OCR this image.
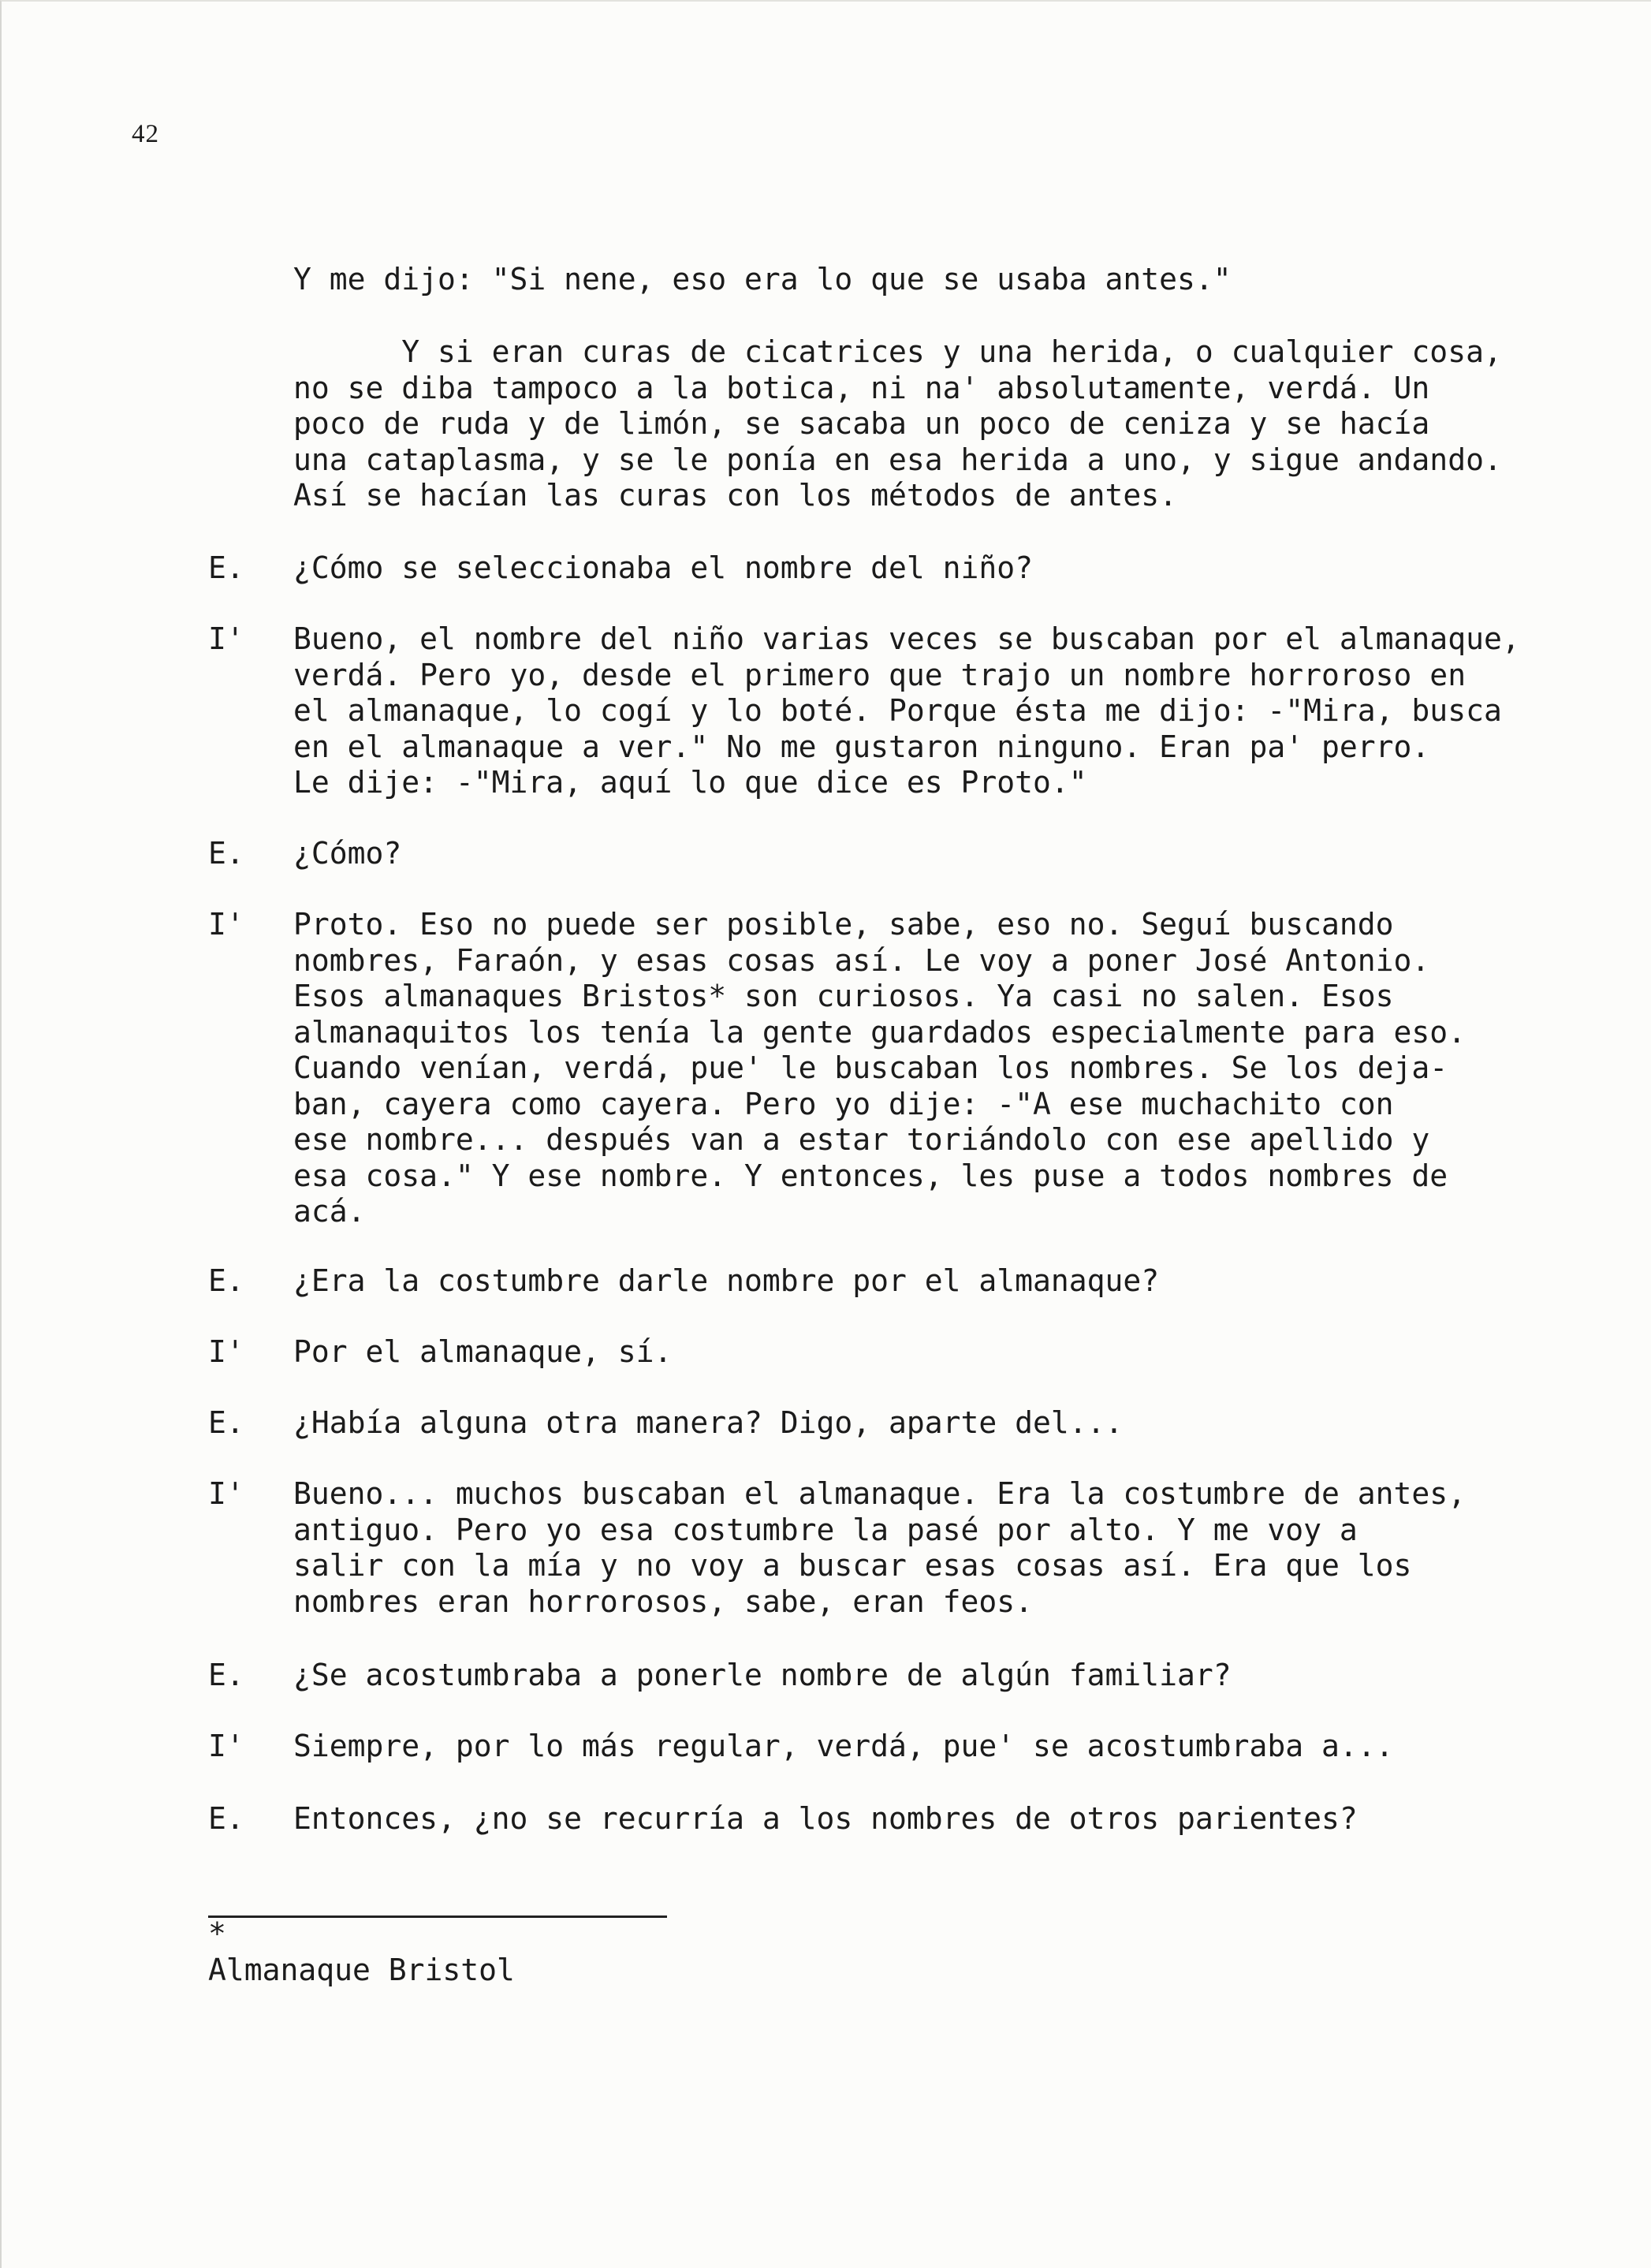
42

Y me dijo: "Si nene, eso era lo que se usaba antes."

Y si eran curas de cicatrices y una herida, o cualquier cosa,
no se diba tampoco a la botica, ni na' absolutamente, verdá. Un
poco de ruda y de limón, se sacaba un poco de ceniza y se hacía
una cataplasma, y se le ponía en esa herida a uno, y sigue andando.
Así se hacían las curas con los métodos de antes.

E. ¿Cómo se seleccionaba el nombre del niño?

I' Bueno, el nombre del niño varias veces se buscaban por el almanaque,
verdá. Pero yo, desde el primero que trajo un nombre horroroso en
el almanaque, lo cogí y lo boté. Porque ésta me dijo: -"Mira, busca
en el almanaque a ver." No me gustaron ninguno. Eran pa' perro.
Le dije: -"Mira, aquí lo que dice es Proto."

E. ¿Cómo?

I' Proto. Eso no puede ser posible, sabe, eso no. Seguí buscando
nombres, Faraón, y esas cosas así. Le voy a poner José Antonio.
Esos almanaques Bristos* son curiosos. Ya casi no salen. Esos
almanaquitos los tenía la gente guardados especialmente para eso.
Cuando venían, verdá, pue' le buscaban los nombres. Se los deja-
ban, cayera como cayera. Pero yo dije: -"A ese muchachito con
ese nombre... después van a estar toriándolo con ese apellido y
esa cosa." Y ese nombre. Y entonces, les puse a todos nombres de
acá.

E. ¿Era la costumbre darle nombre por el almanaque?

I' Por el almanaque, sí.

E. ¿Había alguna otra manera? Digo, aparte del...

I' Bueno... muchos buscaban el almanaque. Era la costumbre de antes,
antiguo. Pero yo esa costumbre la pasé por alto. Y me voy a
salir con la mía y no voy a buscar esas cosas así. Era que los
nombres eran horrorosos, sabe, eran feos.

E. ¿Se acostumbraba a ponerle nombre de algún familiar?

I' Siempre, por lo más regular, verdá, pue' se acostumbraba a...

E. Entonces, ¿no se recurría a los nombres de otros parientes?

*
Almanaque Bristol
